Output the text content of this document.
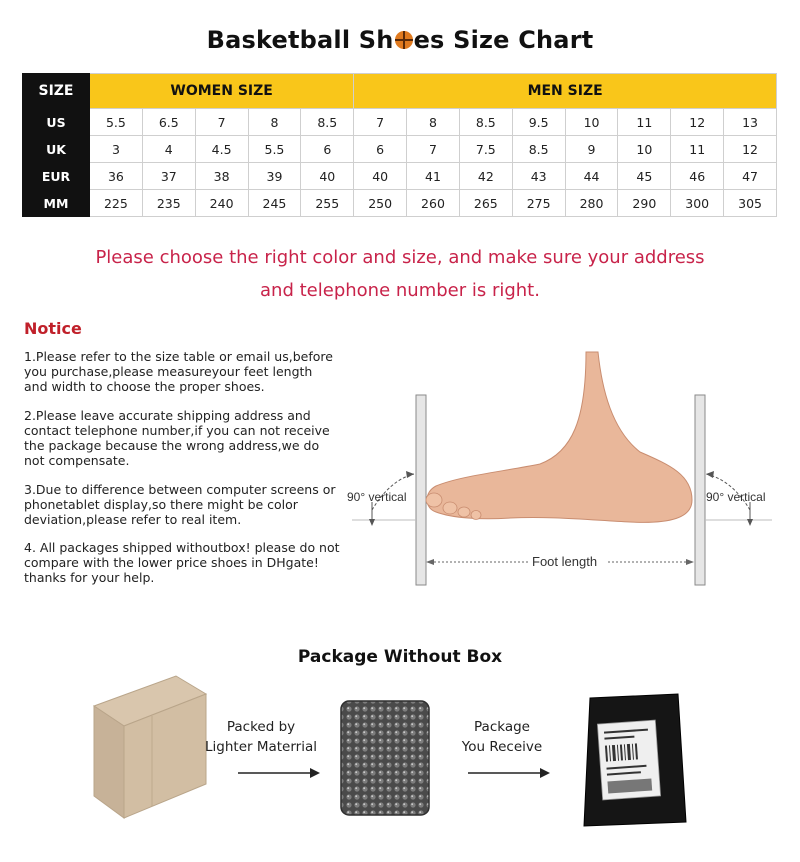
Basketball Sh es Size Chart
SIZE	WOMEN SIZE					MEN SIZE							
US	5.5	6.5	7	8	8.5	7	8	8.5	9.5	10	11	12	13
UK	3	4	4.5	5.5	6	6	7	7.5	8.5	9	10	11	12
EUR	36	37	38	39	40	40	41	42	43	44	45	46	47
MM	225	235	240	245	255	250	260	265	275	280	290	300	305
Please choose the right color and size, and make sure your address
and telephone number is right.
Notice
1.Please refer to the size table or email us,before
you purchase,please measureyour feet length
and width to choose the proper shoes.
2.Please leave accurate shipping address and
contact telephone number,if you can not receive
the package because the wrong address,we do
not compensate.
3.Due to difference between computer screens or
phonetablet display,so there might be color
deviation,please refer to real item.
4. All packages shipped withoutbox! please do not
compare with the lower price shoes in DHgate!
thanks for your help.
90° vertical	90° vertical
Foot length
Package Without Box
Packed by
Lighter Materrial
Package
You Receive
